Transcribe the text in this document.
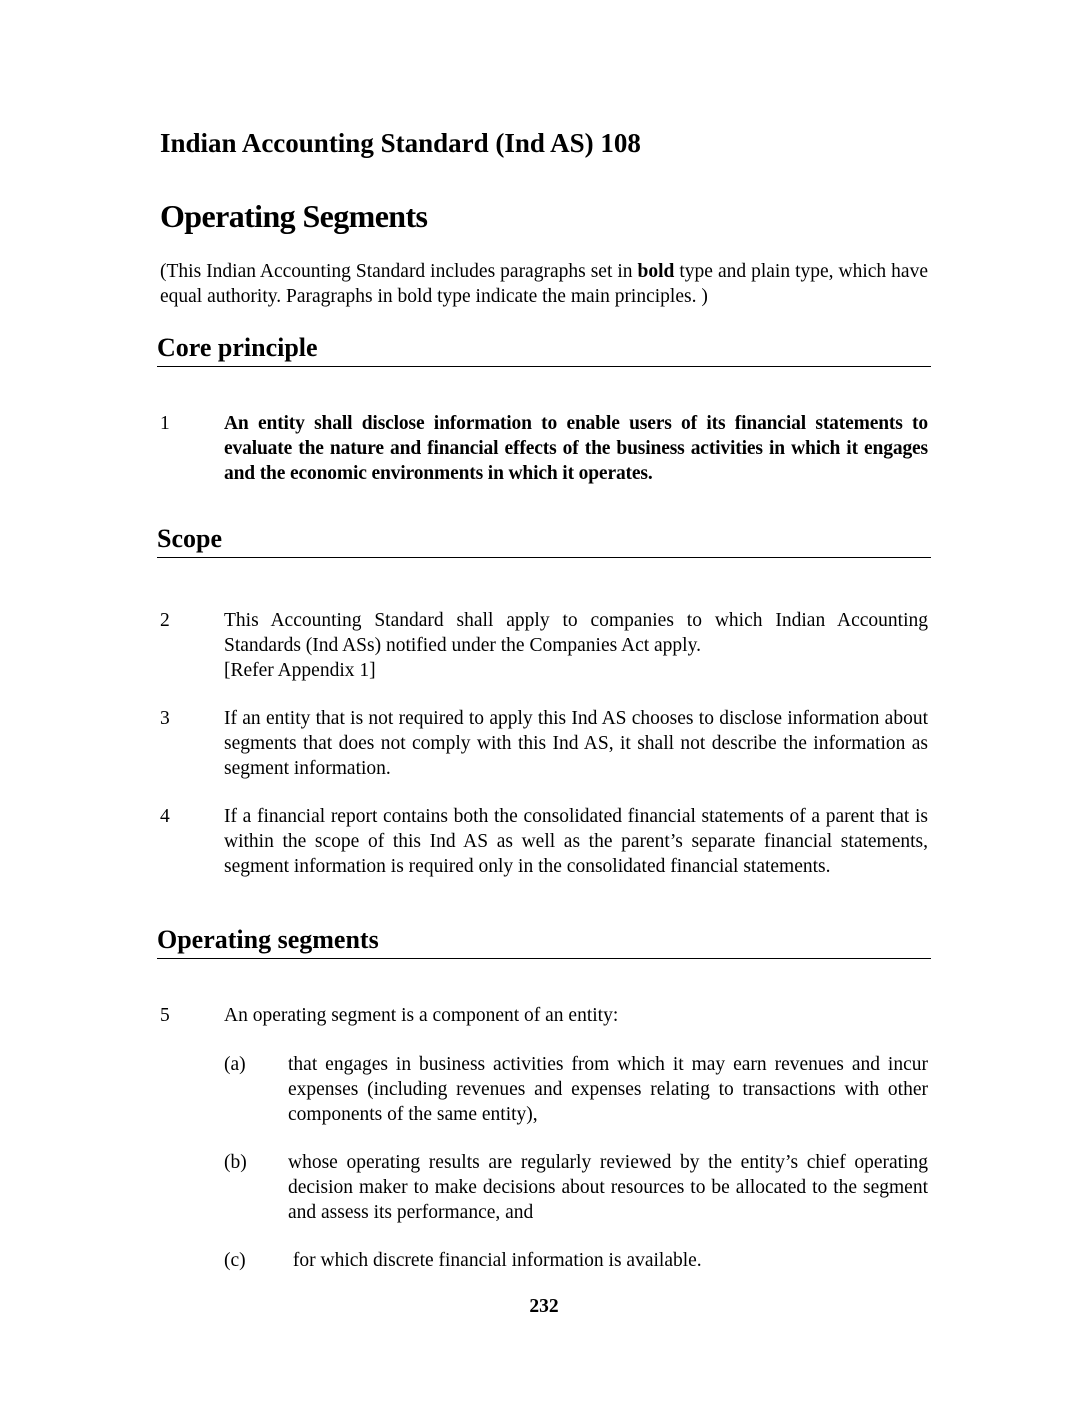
Indian Accounting Standard (Ind AS) 108
Operating Segments

(This Indian Accounting Standard includes paragraphs set in bold type and plain type, which have equal authority. Paragraphs in bold type indicate the main principles. )

Core principle
1	An entity shall disclose information to enable users of its financial statements to evaluate the nature and financial effects of the business activities in which it engages and the economic environments in which it operates.

Scope
2	This Accounting Standard shall apply to companies to which Indian Accounting Standards (Ind ASs) notified under the Companies Act apply.
[Refer Appendix 1]
3	If an entity that is not required to apply this Ind AS chooses to disclose information about segments that does not comply with this Ind AS, it shall not describe the information as segment information.

4	If a financial report contains both the consolidated financial statements of a parent that is within the scope of this Ind AS as well as the parent’s separate financial statements, segment information is required only in the consolidated financial statements.

Operating segments
5	An operating segment is a component of an entity:

(a) that engages in business activities from which it may earn revenues and incur expenses (including revenues and expenses relating to transactions with other components of the same entity),

(b) whose operating results are regularly reviewed by the entity’s chief operating decision maker to make decisions about resources to be allocated to the segment and assess its performance, and

(c) for which discrete financial information is available.

232
